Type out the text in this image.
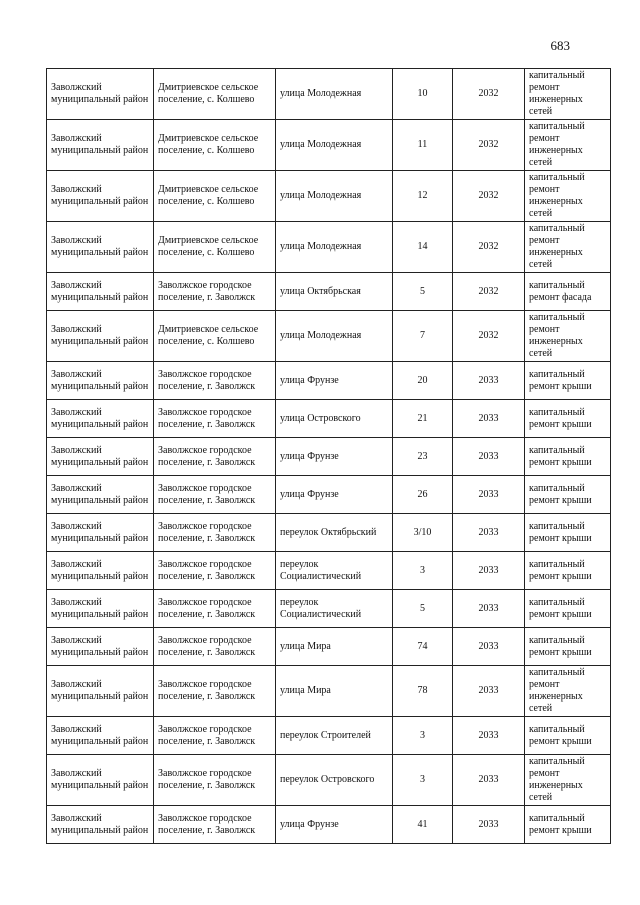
683
Заволжский муниципальный район	Дмитриевское сельское поселение, с. Колшево	улица Молодежная	10	2032	капитальный ремонт инженерных сетей
Заволжский муниципальный район	Дмитриевское сельское поселение, с. Колшево	улица Молодежная	11	2032	капитальный ремонт инженерных сетей
Заволжский муниципальный район	Дмитриевское сельское поселение, с. Колшево	улица Молодежная	12	2032	капитальный ремонт инженерных сетей
Заволжский муниципальный район	Дмитриевское сельское поселение, с. Колшево	улица Молодежная	14	2032	капитальный ремонт инженерных сетей
Заволжский муниципальный район	Заволжское городское поселение, г. Заволжск	улица Октябрьская	5	2032	капитальный ремонт фасада
Заволжский муниципальный район	Дмитриевское сельское поселение, с. Колшево	улица Молодежная	7	2032	капитальный ремонт инженерных сетей
Заволжский муниципальный район	Заволжское городское поселение, г. Заволжск	улица Фрунзе	20	2033	капитальный ремонт крыши
Заволжский муниципальный район	Заволжское городское поселение, г. Заволжск	улица Островского	21	2033	капитальный ремонт крыши
Заволжский муниципальный район	Заволжское городское поселение, г. Заволжск	улица Фрунзе	23	2033	капитальный ремонт крыши
Заволжский муниципальный район	Заволжское городское поселение, г. Заволжск	улица Фрунзе	26	2033	капитальный ремонт крыши
Заволжский муниципальный район	Заволжское городское поселение, г. Заволжск	переулок Октябрьский	3/10	2033	капитальный ремонт крыши
Заволжский муниципальный район	Заволжское городское поселение, г. Заволжск	переулок Социалистический	3	2033	капитальный ремонт крыши
Заволжский муниципальный район	Заволжское городское поселение, г. Заволжск	переулок Социалистический	5	2033	капитальный ремонт крыши
Заволжский муниципальный район	Заволжское городское поселение, г. Заволжск	улица Мира	74	2033	капитальный ремонт крыши
Заволжский муниципальный район	Заволжское городское поселение, г. Заволжск	улица Мира	78	2033	капитальный ремонт инженерных сетей
Заволжский муниципальный район	Заволжское городское поселение, г. Заволжск	переулок Строителей	3	2033	капитальный ремонт крыши
Заволжский муниципальный район	Заволжское городское поселение, г. Заволжск	переулок Островского	3	2033	капитальный ремонт инженерных сетей
Заволжский муниципальный район	Заволжское городское поселение, г. Заволжск	улица Фрунзе	41	2033	капитальный ремонт крыши
